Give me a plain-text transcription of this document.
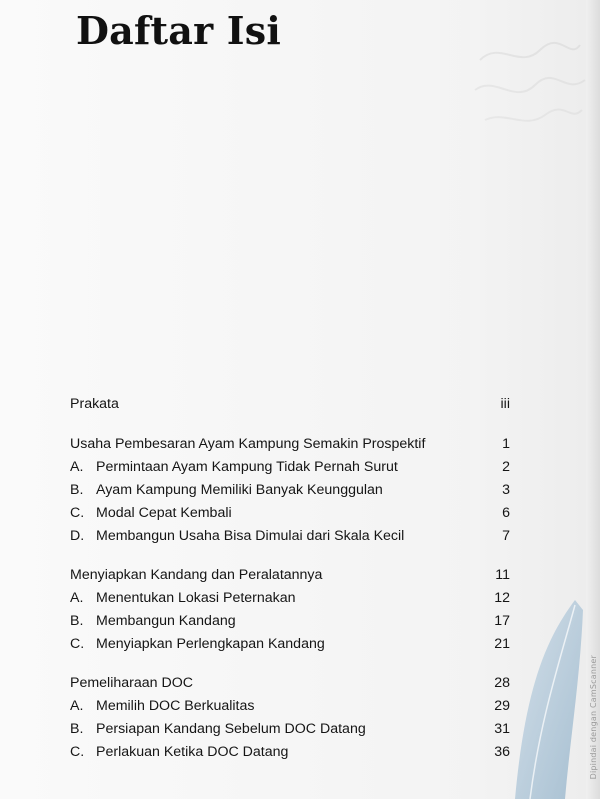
Dipindai dengan CamScanner
Daftar Isi
Prakata	iii
Usaha Pembesaran Ayam Kampung Semakin Prospektif	1
A. Permintaan Ayam Kampung Tidak Pernah Surut	2
B. Ayam Kampung Memiliki Banyak Keunggulan	3
C. Modal Cepat Kembali	6
D. Membangun Usaha Bisa Dimulai dari Skala Kecil	7
Menyiapkan Kandang dan Peralatannya	11
A. Menentukan Lokasi Peternakan	12
B. Membangun Kandang	17
C. Menyiapkan Perlengkapan Kandang	21
Pemeliharaan DOC	28
A. Memilih DOC Berkualitas	29
B. Persiapan Kandang Sebelum DOC Datang	31
C. Perlakuan Ketika DOC Datang	36
